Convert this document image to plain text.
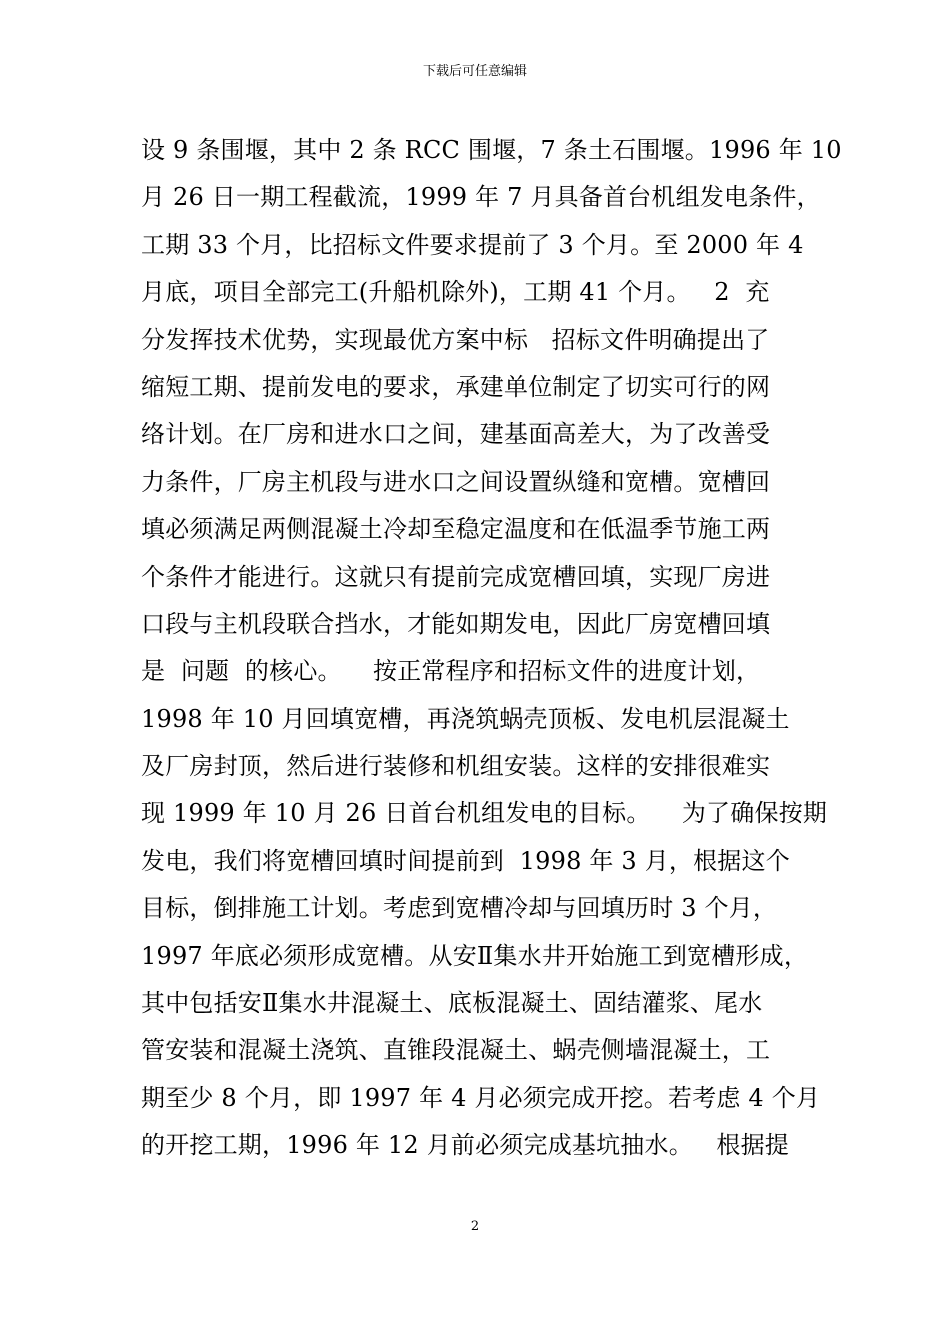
下载后可任意编辑
设 9 条围堰，其中 2 条 RCC 围堰，7 条土石围堰。1996 年 10
月 26 日一期工程截流，1999 年 7 月具备首台机组发电条件，
工期 33 个月，比招标文件要求提前了 3 个月。至 2000 年 4
月底，项目全部完工(升船机除外)，工期 41 个月。   2  充
分发挥技术优势，实现最优方案中标   招标文件明确提出了
缩短工期、提前发电的要求，承建单位制定了切实可行的网
络计划。在厂房和进水口之间，建基面高差大，为了改善受
力条件，厂房主机段与进水口之间设置纵缝和宽槽。宽槽回
填必须满足两侧混凝土冷却至稳定温度和在低温季节施工两
个条件才能进行。这就只有提前完成宽槽回填，实现厂房进
口段与主机段联合挡水，才能如期发电，因此厂房宽槽回填
是  问题  的核心。    按正常程序和招标文件的进度计划，
1998 年 10 月回填宽槽，再浇筑蜗壳顶板、发电机层混凝土
及厂房封顶，然后进行装修和机组安装。这样的安排很难实
现 1999 年 10 月 26 日首台机组发电的目标。    为了确保按期
发电，我们将宽槽回填时间提前到  1998 年 3 月，根据这个
目标，倒排施工计划。考虑到宽槽冷却与回填历时 3 个月，
1997 年底必须形成宽槽。从安Ⅱ集水井开始施工到宽槽形成，
其中包括安Ⅱ集水井混凝土、底板混凝土、固结灌浆、尾水
管安装和混凝土浇筑、直锥段混凝土、蜗壳侧墙混凝土，工
期至少 8 个月，即 1997 年 4 月必须完成开挖。若考虑 4 个月
的开挖工期，1996 年 12 月前必须完成基坑抽水。   根据提
2
